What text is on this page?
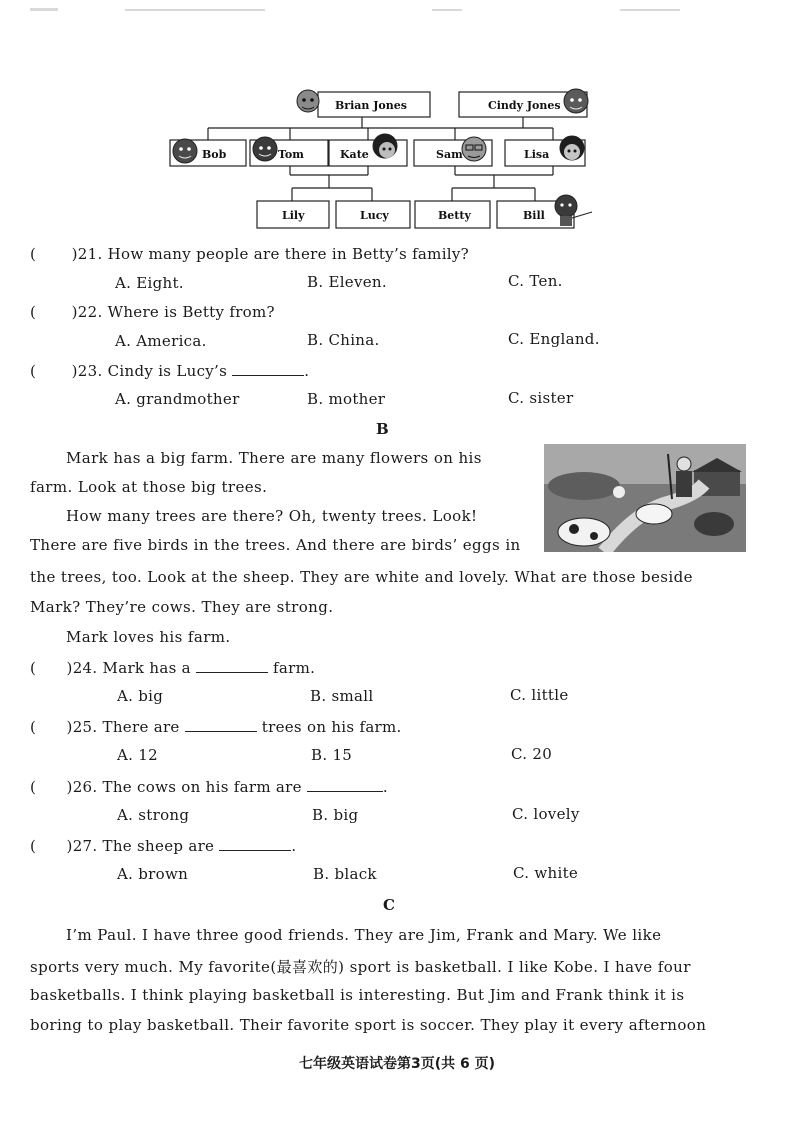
Brian Jones	Cindy Jones
Bob	Tom	Kate	Sam	Lisa
Lily	Lucy	Betty	Bill
(       )21. How many people are there in Betty’s family?
A. Eight.	B. Eleven.	C. Ten.
(       )22. Where is Betty from?
A. America.	B. China.	C. England.
(       )23. Cindy is Lucy’s	.
A. grandmother	B. mother	C. sister
B
Mark has a big farm. There are many flowers on his
farm. Look at those big trees.
How many trees are there? Oh, twenty trees. Look!
There are five birds in the trees. And there are birds’ eggs in
the trees, too. Look at the sheep. They are white and lovely. What are those beside
Mark? They’re cows. They are strong.
Mark loves his farm.
(      )24. Mark has a	farm.
A. big	B. small	C. little
(      )25. There are	trees on his farm.
A. 12	B. 15	C. 20
(      )26. The cows on his farm are	.
A. strong	B. big	C. lovely
(      )27. The sheep are	.
A. brown	B. black	C. white
C
I’m Paul. I have three good friends. They are Jim, Frank and Mary. We like
sports very much. My favorite(最喜欢的) sport is basketball. I like Kobe. I have four
basketballs. I think playing basketball is interesting. But Jim and Frank think it is
boring to play basketball. Their favorite sport is soccer. They play it every afternoon
七年级英语试卷第3页(共 6 页)
